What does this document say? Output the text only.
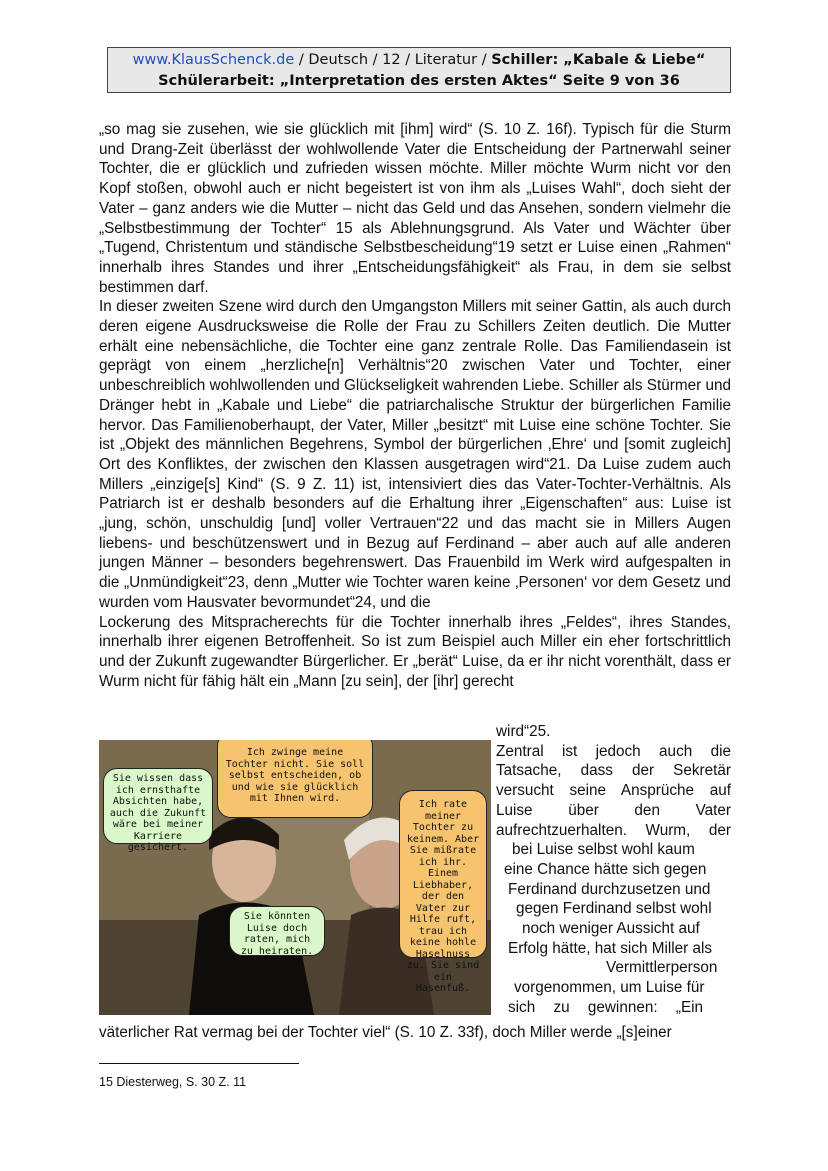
www.KlausSchenck.de / Deutsch / 12 / Literatur / Schiller: „Kabale & Liebe“
Schülerarbeit: „Interpretation des ersten Aktes“ Seite 9 von 36

„so mag sie zusehen, wie sie glücklich mit [ihm] wird“ (S. 10 Z. 16f). Typisch für die Sturm und Drang-Zeit überlässt der wohlwollende Vater die Entscheidung der Partnerwahl seiner Tochter, die er glücklich und zufrieden wissen möchte. Miller möchte Wurm nicht vor den Kopf stoßen, obwohl auch er nicht begeistert ist von ihm als „Luises Wahl“, doch sieht der Vater – ganz anders wie die Mutter – nicht das Geld und das Ansehen, sondern vielmehr die „Selbstbestimmung der Tochter“ 15 als Ablehnungsgrund. Als Vater und Wächter über „Tugend, Christentum und ständische Selbstbescheidung“19 setzt er Luise einen „Rahmen“ innerhalb ihres Standes und ihrer „Entscheidungsfähigkeit“ als Frau, in dem sie selbst bestimmen darf.

In dieser zweiten Szene wird durch den Umgangston Millers mit seiner Gattin, als auch durch deren eigene Ausdrucksweise die Rolle der Frau zu Schillers Zeiten deutlich. Die Mutter erhält eine nebensächliche, die Tochter eine ganz zentrale Rolle. Das Familiendasein ist geprägt von einem „herzliche[n] Verhältnis“20 zwischen Vater und Tochter, einer unbeschreiblich wohlwollenden und Glückseligkeit wahrenden Liebe. Schiller als Stürmer und Dränger hebt in „Kabale und Liebe“ die patriarchalische Struktur der bürgerlichen Familie hervor. Das Familienoberhaupt, der Vater, Miller „besitzt“ mit Luise eine schöne Tochter. Sie ist „Objekt des männlichen Begehrens, Symbol der bürgerlichen ‚Ehre‘ und [somit zugleich] Ort des Konfliktes, der zwischen den Klassen ausgetragen wird“21. Da Luise zudem auch Millers „einzige[s] Kind“ (S. 9 Z. 11) ist, intensiviert dies das Vater-Tochter-Verhältnis. Als Patriarch ist er deshalb besonders auf die Erhaltung ihrer „Eigenschaften“ aus: Luise ist „jung, schön, unschuldig [und] voller Vertrauen“22 und das macht sie in Millers Augen liebens- und beschützenswert und in Bezug auf Ferdinand – aber auch auf alle anderen jungen Männer – besonders begehrenswert. Das Frauenbild im Werk wird aufgespalten in die „Unmündigkeit“23, denn „Mutter wie Tochter waren keine ‚Personen‘ vor dem Gesetz und wurden vom Hausvater bevormundet“24, und die

Lockerung des Mitspracherechts für die Tochter innerhalb ihres „Feldes“, ihres Standes, innerhalb ihrer eigenen Betroffenheit. So ist zum Beispiel auch Miller ein eher fortschrittlich und der Zukunft zugewandter Bürgerlicher. Er „berät“ Luise, da er ihr nicht vorenthält, dass er Wurm nicht für fähig hält ein „Mann [zu sein], der [ihr] gerecht

Sie wissen dass ich ernsthafte Absichten habe, auch die Zukunft wäre bei meiner Karriere gesichert.
Ich zwinge meine Tochter nicht. Sie soll selbst entscheiden, ob und wie sie glücklich mit Ihnen wird.
Ich rate meiner Tochter zu keinem. Aber Sie mißrate ich ihr. Einem Liebhaber, der den Vater zur Hilfe ruft, trau ich keine hohle Haselnuss zu. Sie sind ein Hasenfuß.
Sie könnten Luise doch raten, mich zu heiraten.
wird“25.
Zentral ist jedoch auch die
Tatsache, dass der Sekretär
versucht seine Ansprüche auf
Luise über den Vater
aufrechtzuerhalten. Wurm, der
bei Luise selbst wohl kaum
eine Chance hätte sich gegen
Ferdinand durchzusetzen und
gegen Ferdinand selbst wohl
noch weniger Aussicht auf
Erfolg hätte, hat sich Miller als
Vermittlerperson
vorgenommen, um Luise für
sich zu gewinnen: „Ein
väterlicher Rat vermag bei der Tochter viel“ (S. 10 Z. 33f), doch Miller werde „[s]einer
15 Diesterweg, S. 30 Z. 11
